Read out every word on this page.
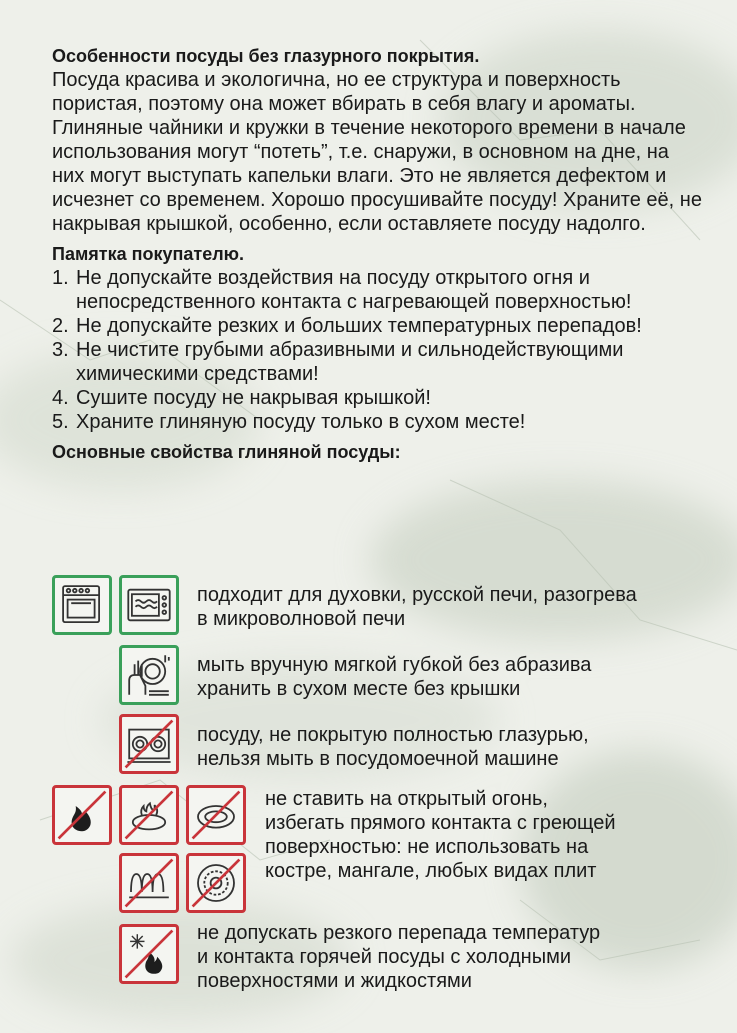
Особенности посуды без глазурного покрытия.

Посуда красива и экологична, но ее структура и поверхность пористая, поэтому она может вбирать в себя влагу и ароматы. Глиняные чайники и кружки в течение некоторого времени в начале использования могут “потеть”, т.е. снаружи, в основном на дне, на них могут выступать капельки влаги. Это не является дефектом и исчезнет со временем. Хорошо просушивайте посуду! Храните её, не накрывая крышкой, особенно, если оставляете посуду надолго.

Памятка покупателю.

1. Не допускайте воздействия на посуду открытого огня и непосредственного контакта с нагревающей поверхностью!
2. Не допускайте резких и больших температурных перепадов!
3. Не чистите грубыми абразивными и сильнодействующими химическими средствами!
4. Сушите посуду не накрывая крышкой!
5. Храните глиняную посуду только в сухом месте!

Основные свойства глиняной посуды:

подходит для духовки, русской печи, разогрева
в микроволновой печи
мыть вручную мягкой губкой без абразива
хранить в сухом месте без крышки
посуду, не покрытую полностью глазурью,
нельзя мыть в посудомоечной машине
не ставить на открытый огонь,
избегать прямого контакта с греющей
поверхностью: не использовать на
костре, мангале, любых видах плит
не допускать резкого перепада температур
и контакта горячей посуды с холодными
поверхностями и жидкостями
